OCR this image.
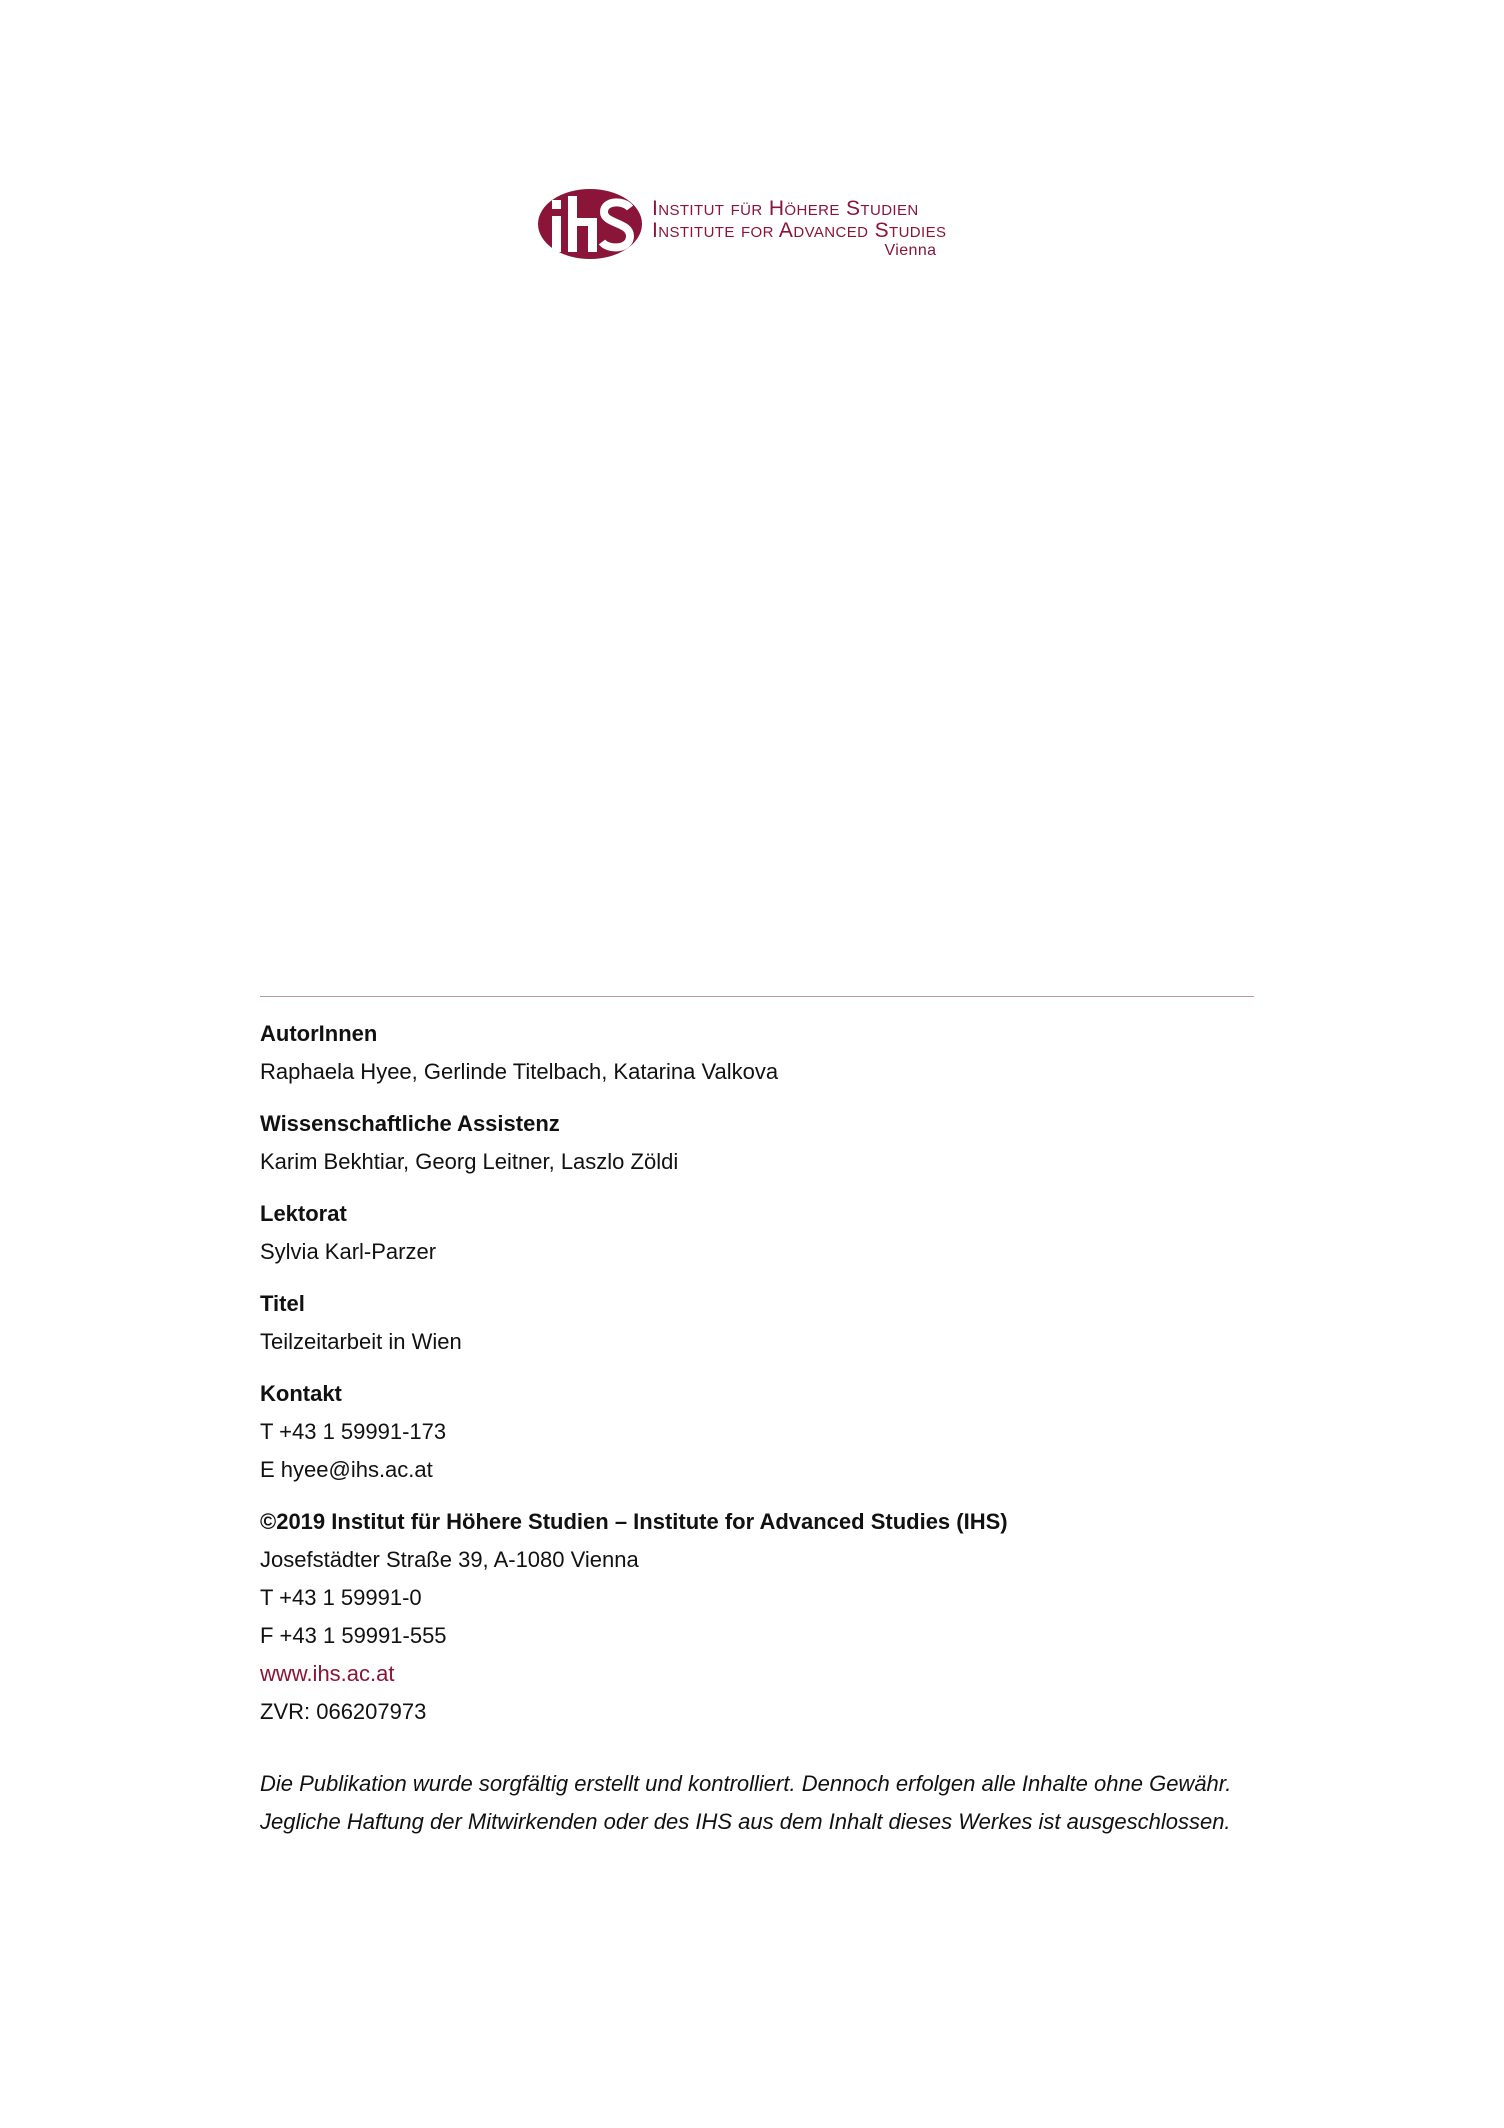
Institut für Höhere Studien
Institute for Advanced Studies
Vienna
AutorInnen
Raphaela Hyee, Gerlinde Titelbach, Katarina Valkova
Wissenschaftliche Assistenz
Karim Bekhtiar, Georg Leitner, Laszlo Zöldi
Lektorat
Sylvia Karl-Parzer
Titel
Teilzeitarbeit in Wien
Kontakt
T +43 1 59991-173
E hyee@ihs.ac.at
©2019 Institut für Höhere Studien – Institute for Advanced Studies (IHS)
Josefstädter Straße 39, A-1080 Vienna
T +43 1 59991-0
F +43 1 59991-555
www.ihs.ac.at
ZVR: 066207973
Die Publikation wurde sorgfältig erstellt und kontrolliert. Dennoch erfolgen alle Inhalte ohne Gewähr. Jegliche Haftung der Mitwirkenden oder des IHS aus dem Inhalt dieses Werkes ist ausgeschlossen.
